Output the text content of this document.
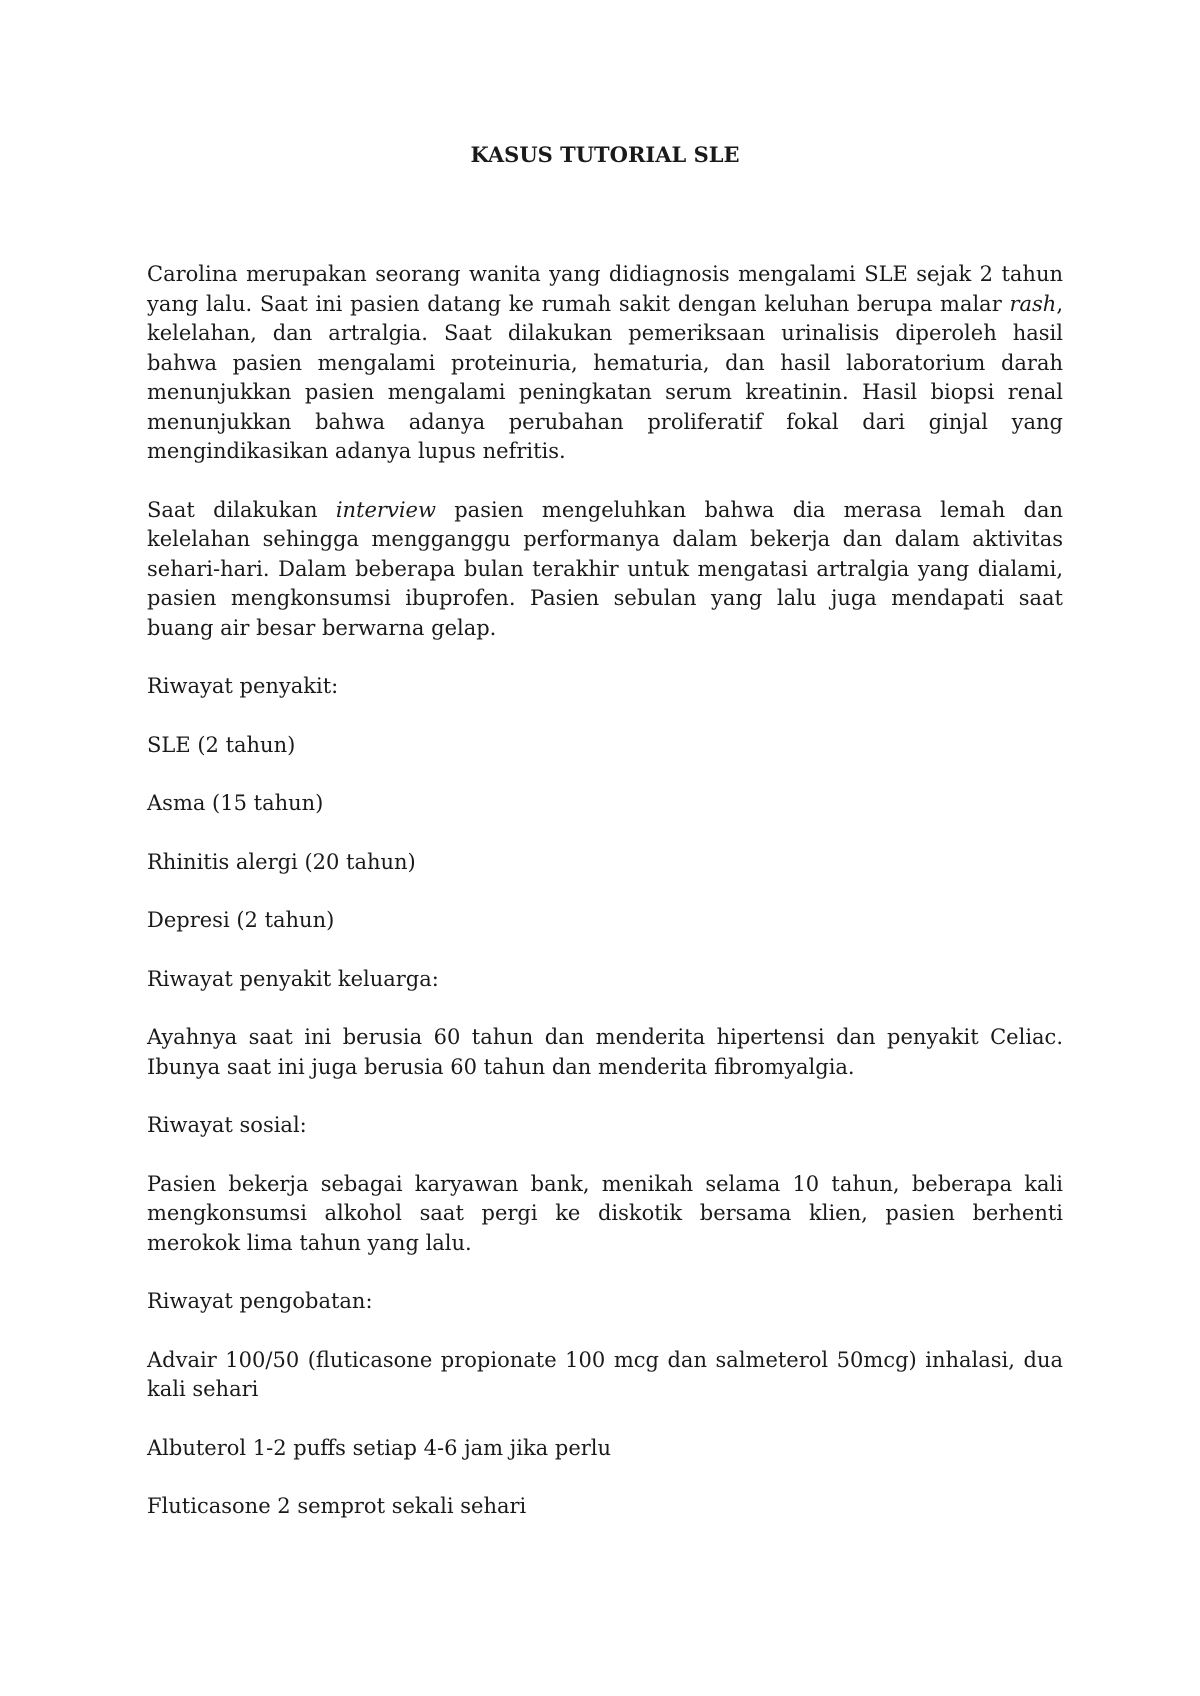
KASUS TUTORIAL SLE

Carolina merupakan seorang wanita yang didiagnosis mengalami SLE sejak 2 tahun yang lalu. Saat ini pasien datang ke rumah sakit dengan keluhan berupa malar rash, kelelahan, dan artralgia. Saat dilakukan pemeriksaan urinalisis diperoleh hasil bahwa pasien mengalami proteinuria, hematuria, dan hasil laboratorium darah menunjukkan pasien mengalami peningkatan serum kreatinin. Hasil biopsi renal menunjukkan bahwa adanya perubahan proliferatif fokal dari ginjal yang mengindikasikan adanya lupus nefritis.

Saat dilakukan interview pasien mengeluhkan bahwa dia merasa lemah dan kelelahan sehingga mengganggu performanya dalam bekerja dan dalam aktivitas sehari-hari. Dalam beberapa bulan terakhir untuk mengatasi artralgia yang dialami, pasien mengkonsumsi ibuprofen. Pasien sebulan yang lalu juga mendapati saat buang air besar berwarna gelap.

Riwayat penyakit:

SLE (2 tahun)

Asma (15 tahun)

Rhinitis alergi (20 tahun)

Depresi (2 tahun)

Riwayat penyakit keluarga:

Ayahnya saat ini berusia 60 tahun dan menderita hipertensi dan penyakit Celiac. Ibunya saat ini juga berusia 60 tahun dan menderita fibromyalgia.

Riwayat sosial:

Pasien bekerja sebagai karyawan bank, menikah selama 10 tahun, beberapa kali mengkonsumsi alkohol saat pergi ke diskotik bersama klien, pasien berhenti merokok lima tahun yang lalu.

Riwayat pengobatan:

Advair 100/50 (fluticasone propionate 100 mcg dan salmeterol 50mcg) inhalasi, dua kali sehari

Albuterol 1-2 puffs setiap 4-6 jam jika perlu

Fluticasone 2 semprot sekali sehari
